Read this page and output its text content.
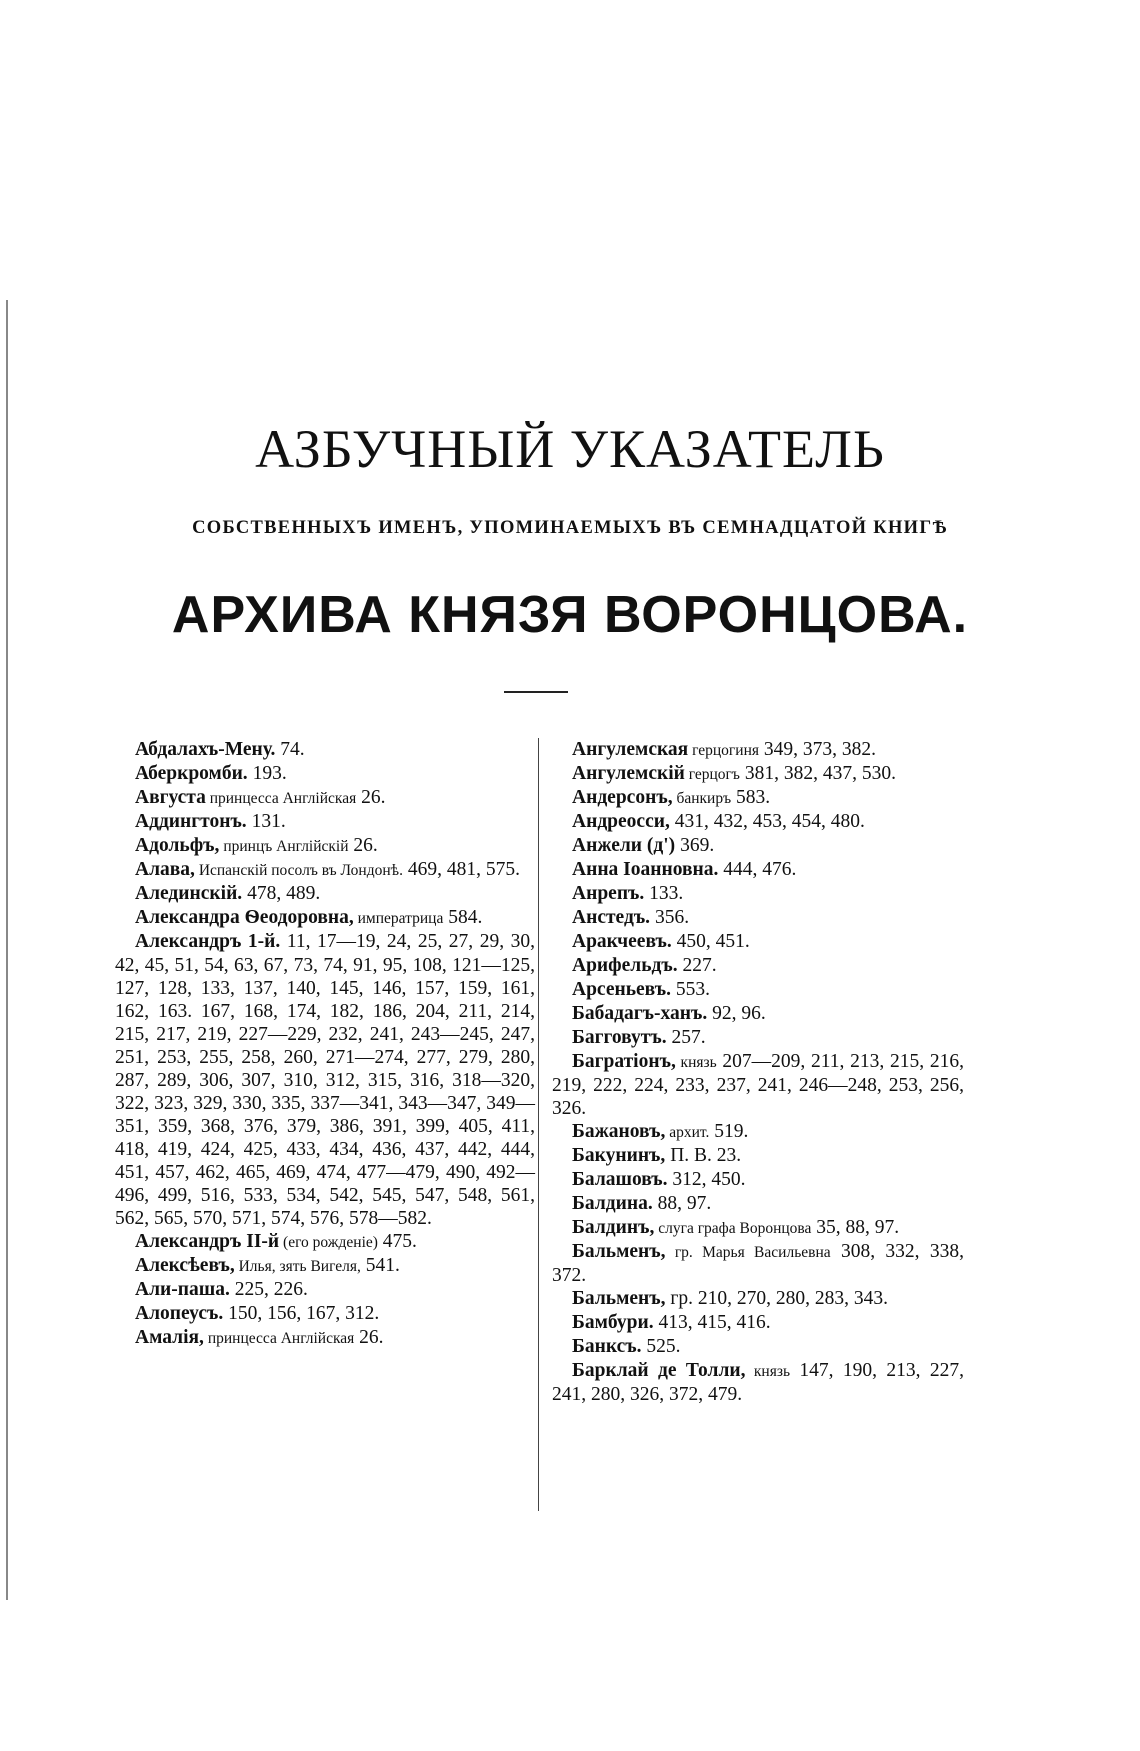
АЗБУЧНЫЙ УКАЗАТЕЛЬ
СОБСТВЕННЫХЪ ИМЕНЪ, УПОМИНАЕМЫХЪ ВЪ СЕМНАДЦАТОЙ КНИГѢ
АРХИВА КНЯЗЯ ВОРОНЦОВА.

Абдалахъ-Мену. 74.

Аберкромби. 193.

Августа принцесса Англійская 26.

Аддингтонъ. 131.

Адольфъ, принцъ Англійскій 26.

Алава, Испанскій посолъ въ Лондонѣ. 469, 481, 575.

Алединскій. 478, 489.

Александра Ѳеодоровна, императрица 584.

Александръ 1-й. 11, 17—19, 24, 25, 27, 29, 30, 42, 45, 51, 54, 63, 67, 73, 74, 91, 95, 108, 121—125, 127, 128, 133, 137, 140, 145, 146, 157, 159, 161, 162, 163. 167, 168, 174, 182, 186, 204, 211, 214, 215, 217, 219, 227—229, 232, 241, 243—245, 247, 251, 253, 255, 258, 260, 271—274, 277, 279, 280, 287, 289, 306, 307, 310, 312, 315, 316, 318—320, 322, 323, 329, 330, 335, 337—341, 343—347, 349—351, 359, 368, 376, 379, 386, 391, 399, 405, 411, 418, 419, 424, 425, 433, 434, 436, 437, 442, 444, 451, 457, 462, 465, 469, 474, 477—479, 490, 492—496, 499, 516, 533, 534, 542, 545, 547, 548, 561, 562, 565, 570, 571, 574, 576, 578—582.

Александръ II-й (его рожденіе) 475.

Алексѣевъ, Илья, зять Вигеля, 541.

Али-паша. 225, 226.

Алопеусъ. 150, 156, 167, 312.

Амалія, принцесса Англійская 26.

Ангулемская герцогиня 349, 373, 382.

Ангулемскій герцогъ 381, 382, 437, 530.

Андерсонъ, банкиръ 583.

Андреосси, 431, 432, 453, 454, 480.

Анжели (д') 369.

Анна Іоанновна. 444, 476.

Анрепъ. 133.

Анстедъ. 356.

Аракчеевъ. 450, 451.

Арифельдъ. 227.

Арсеньевъ. 553.

Бабадагъ-ханъ. 92, 96.

Багговутъ. 257.

Багратіонъ, князь 207—209, 211, 213, 215, 216, 219, 222, 224, 233, 237, 241, 246—248, 253, 256, 326.

Бажановъ, архит. 519.

Бакунинъ, П. В. 23.

Балашовъ. 312, 450.

Балдина. 88, 97.

Балдинъ, слуга графа Воронцова 35, 88, 97.

Бальменъ, гр. Марья Васильевна 308, 332, 338, 372.

Бальменъ, гр. 210, 270, 280, 283, 343.

Бамбури. 413, 415, 416.

Банксъ. 525.

Барклай де Толли, князь 147, 190, 213, 227, 241, 280, 326, 372, 479.
